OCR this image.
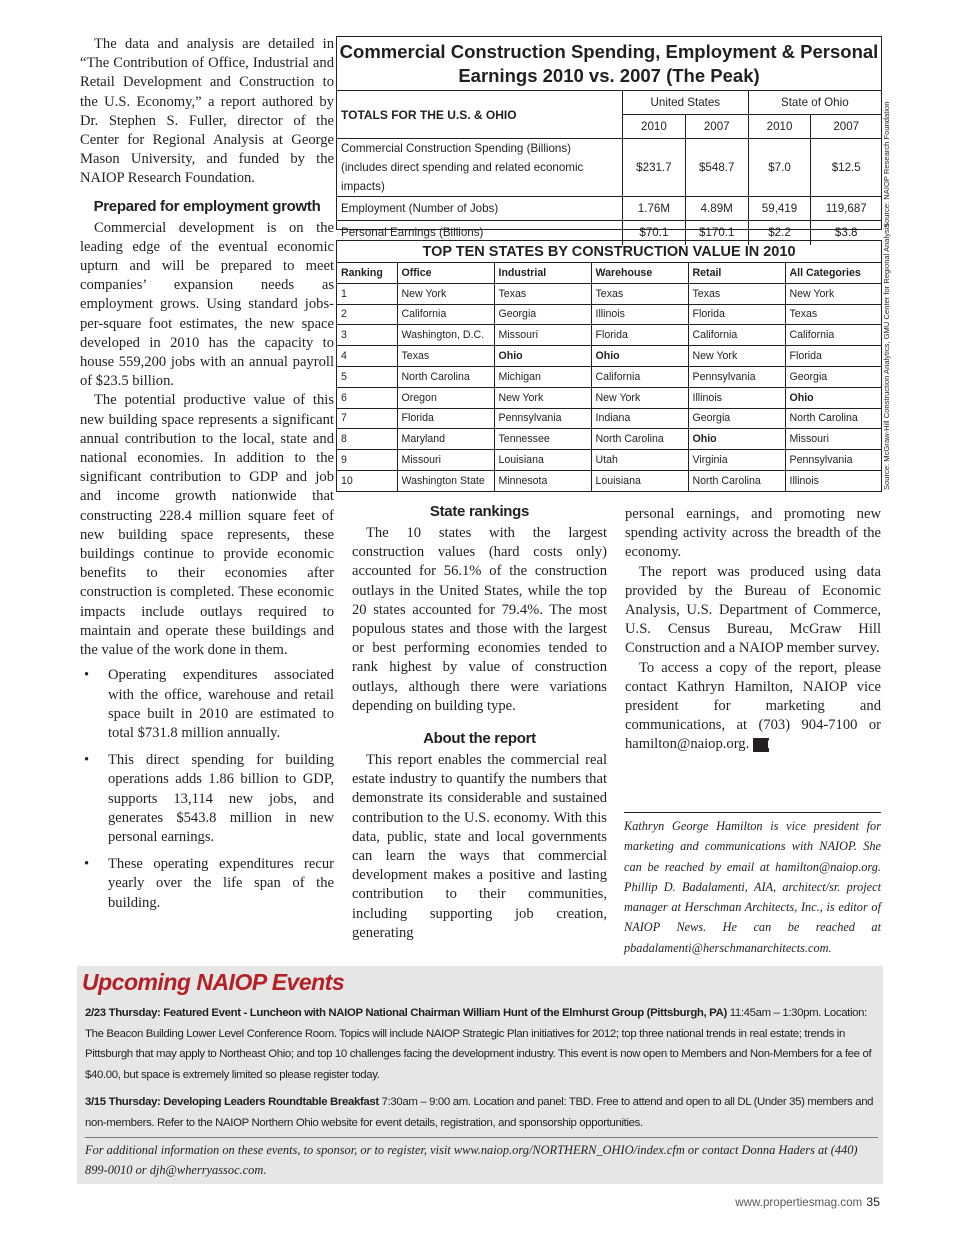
The data and analysis are detailed in “The Contribution of Office, Industrial and Retail Development and Construction to the U.S. Economy,” a report authored by Dr. Stephen S. Fuller, director of the Center for Regional Analysis at George Mason University, and funded by the NAIOP Research Foundation.

Prepared for employment growth

Commercial development is on the leading edge of the eventual economic upturn and will be prepared to meet companies’ expansion needs as employment grows. Using standard jobs-per-square foot estimates, the new space developed in 2010 has the capacity to house 559,200 jobs with an annual payroll of $23.5 billion.

The potential productive value of this new building space represents a significant annual contribution to the local, state and national economies. In addition to the significant contribution to GDP and job and income growth nationwide that constructing 228.4 million square feet of new building space represents, these buildings continue to provide economic benefits to their economies after construction is completed. These economic impacts include outlays required to maintain and operate these buildings and the value of the work done in them.

• Operating expenditures associated with the office, warehouse and retail space built in 2010 are estimated to total $731.8 million annually.
• This direct spending for building operations adds 1.86 billion to GDP, supports 13,114 new jobs, and generates $543.8 million in new personal earnings.
• These operating expenditures recur yearly over the life span of the building.
Commercial Construction Spending, Employment & Personal Earnings 2010 vs. 2007 (The Peak)
TOTALS FOR THE U.S. & OHIO	United States		State of Ohio	
	2010	2007	2010	2007
Commercial Construction Spending (Billions)
(includes direct spending and related economic impacts)	$231.7	$548.7	$7.0	$12.5
Employment (Number of Jobs)	1.76M	4.89M	59,419	119,687
Personal Earnings (Billions)	$70.1	$170.1	$2.2	$3.8
Source: NAIOP Research Foundation
TOP TEN STATES BY CONSTRUCTION VALUE IN 2010
Ranking	Office	Industrial	Warehouse	Retail	All Categories
1	New York	Texas	Texas	Texas	New York
2	California	Georgia	Illinois	Florida	Texas
3	Washington, D.C.	Missouri	Florida	California	California
4	Texas	Ohio	Ohio	New York	Florida
5	North Carolina	Michigan	California	Pennsylvania	Georgia
6	Oregon	New York	New York	Illinois	Ohio
7	Florida	Pennsylvania	Indiana	Georgia	North Carolina
8	Maryland	Tennessee	North Carolina	Ohio	Missouri
9	Missouri	Louisiana	Utah	Virginia	Pennsylvania
10	Washington State	Minnesota	Louisiana	North Carolina	Illinois	Source: McGraw-Hill Construction Analytics, GMU Center for Regional Analysis
State rankings

The 10 states with the largest construction values (hard costs only) accounted for 56.1% of the construction outlays in the United States, while the top 20 states accounted for 79.4%. The most populous states and those with the largest or best performing economies tended to rank highest by value of construction outlays, although there were variations depending on building type.

About the report

This report enables the commercial real estate industry to quantify the numbers that demonstrate its considerable and sustained contribution to the U.S. economy. With this data, public, state and local governments can learn the ways that commercial development makes a positive and lasting contribution to their communities, including supporting job creation, generating

personal earnings, and promoting new spending activity across the breadth of the economy.

The report was produced using data provided by the Bureau of Economic Analysis, U.S. Department of Commerce, U.S. Census Bureau, McGraw Hill Construction and a NAIOP member survey.

To access a copy of the report, please contact Kathryn Hamilton, NAIOP vice president for marketing and communications, at (703) 904-7100 or hamilton@naiop.org. P

Kathryn George Hamilton is vice president for marketing and communications with NAIOP. She can be reached by email at hamilton@naiop.org. Phillip D. Badalamenti, AIA, architect/sr. project manager at Herschman Architects, Inc., is editor of NAIOP News. He can be reached at pbadalamenti@herschmanarchitects.com.
Upcoming NAIOP Events
2/23 Thursday: Featured Event - Luncheon with NAIOP National Chairman William Hunt of the Elmhurst Group (Pittsburgh, PA) 11:45am – 1:30pm. Location: The Beacon Building Lower Level Conference Room. Topics will include NAIOP Strategic Plan initiatives for 2012; top three national trends in real estate; trends in Pittsburgh that may apply to Northeast Ohio; and top 10 challenges facing the development industry. This event is now open to Members and Non-Members for a fee of $40.00, but space is extremely limited so please register today.
3/15 Thursday: Developing Leaders Roundtable Breakfast 7:30am – 9:00 am. Location and panel: TBD. Free to attend and open to all DL (Under 35) members and non-members. Refer to the NAIOP Northern Ohio website for event details, registration, and sponsorship opportunities.
For additional information on these events, to sponsor, or to register, visit www.naiop.org/NORTHERN_OHIO/index.cfm or contact Donna Haders at (440) 899-0010 or djh@wherryassoc.com.
www.propertiesmag.com 35
